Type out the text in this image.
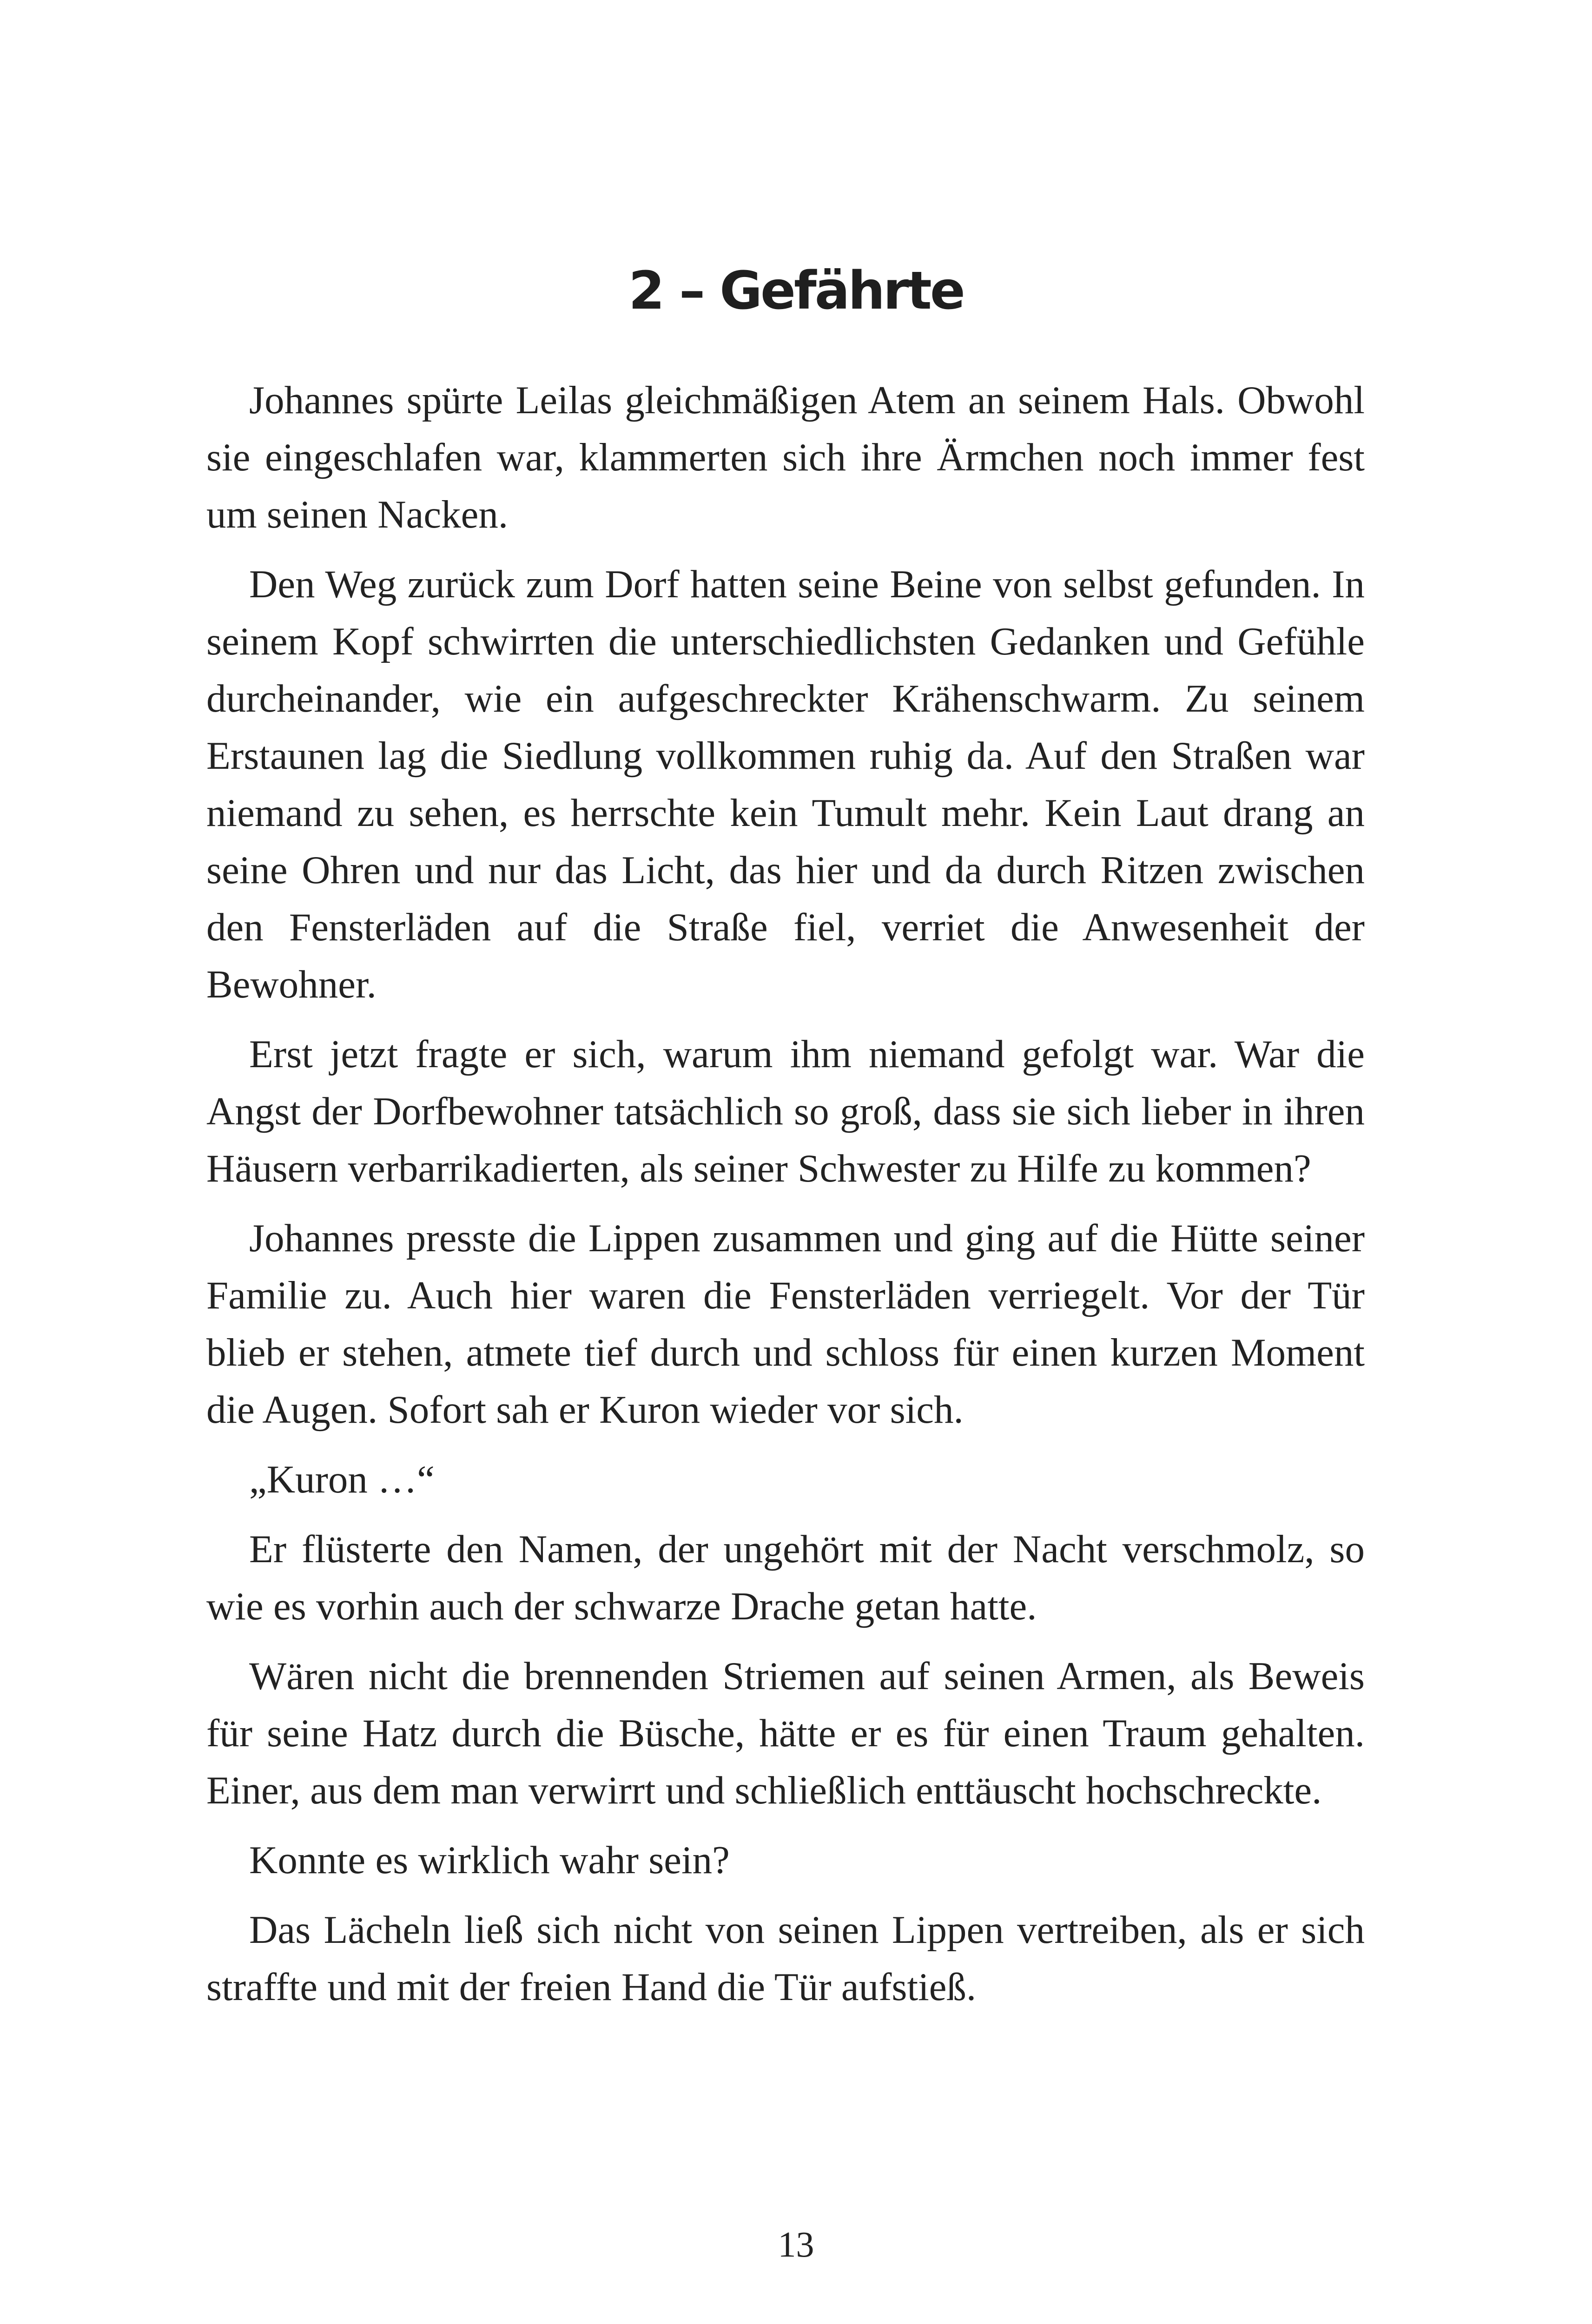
2 – Gefährte

Johannes spürte Leilas gleichmäßigen Atem an seinem Hals. Obwohl sie eingeschlafen war, klammerten sich ihre Ärmchen noch immer fest um seinen Nacken.

Den Weg zurück zum Dorf hatten seine Beine von selbst gefunden. In seinem Kopf schwirrten die unterschiedlichsten Gedanken und Gefühle durcheinander, wie ein aufgeschreckter Krähenschwarm. Zu seinem Erstaunen lag die Siedlung vollkommen ruhig da. Auf den Straßen war niemand zu sehen, es herrschte kein Tumult mehr. Kein Laut drang an seine Ohren und nur das Licht, das hier und da durch Ritzen zwischen den Fensterläden auf die Straße fiel, verriet die Anwesenheit der Bewohner.

Erst jetzt fragte er sich, warum ihm niemand gefolgt war. War die Angst der Dorfbewohner tatsächlich so groß, dass sie sich lieber in ihren Häusern verbarrikadierten, als seiner Schwester zu Hilfe zu kommen?

Johannes presste die Lippen zusammen und ging auf die Hütte seiner Familie zu. Auch hier waren die Fensterläden verriegelt. Vor der Tür blieb er stehen, atmete tief durch und schloss für einen kurzen Moment die Augen. Sofort sah er Kuron wieder vor sich.

„Kuron …“

Er flüsterte den Namen, der ungehört mit der Nacht verschmolz, so wie es vorhin auch der schwarze Drache getan hatte.

Wären nicht die brennenden Striemen auf seinen Armen, als Beweis für seine Hatz durch die Büsche, hätte er es für einen Traum gehalten. Einer, aus dem man verwirrt und schließlich enttäuscht hochschreckte.

Konnte es wirklich wahr sein?

Das Lächeln ließ sich nicht von seinen Lippen vertreiben, als er sich straffte und mit der freien Hand die Tür aufstieß.

13
